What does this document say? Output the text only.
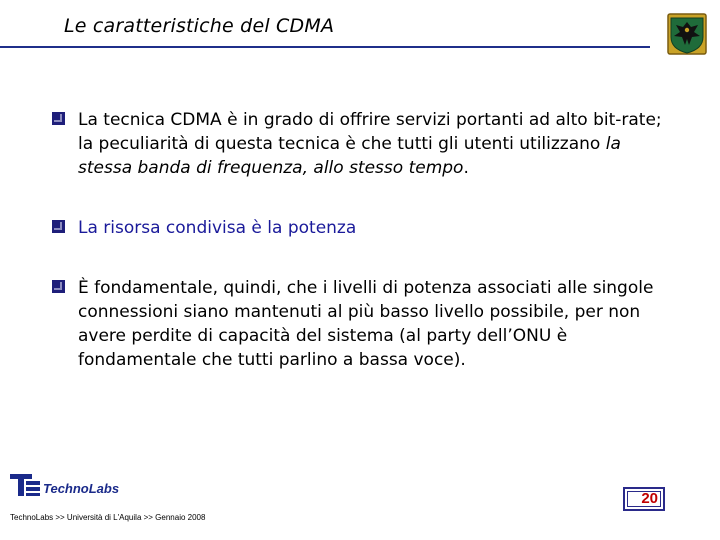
Le caratteristiche del CDMA
La tecnica CDMA è in grado di offrire servizi portanti ad alto bit-rate; la peculiarità di questa tecnica è che tutti gli utenti utilizzano la stessa banda di frequenza, allo stesso tempo.
La risorsa condivisa è la potenza
È fondamentale, quindi, che i livelli di potenza associati alle singole connessioni siano mantenuti al più basso livello possibile, per non avere perdite di capacità del sistema (al party dell’ONU è fondamentale che tutti parlino a bassa voce).
TechnoLabs
TechnoLabs >> Università di L'Aquila >> Gennaio 2008
20
